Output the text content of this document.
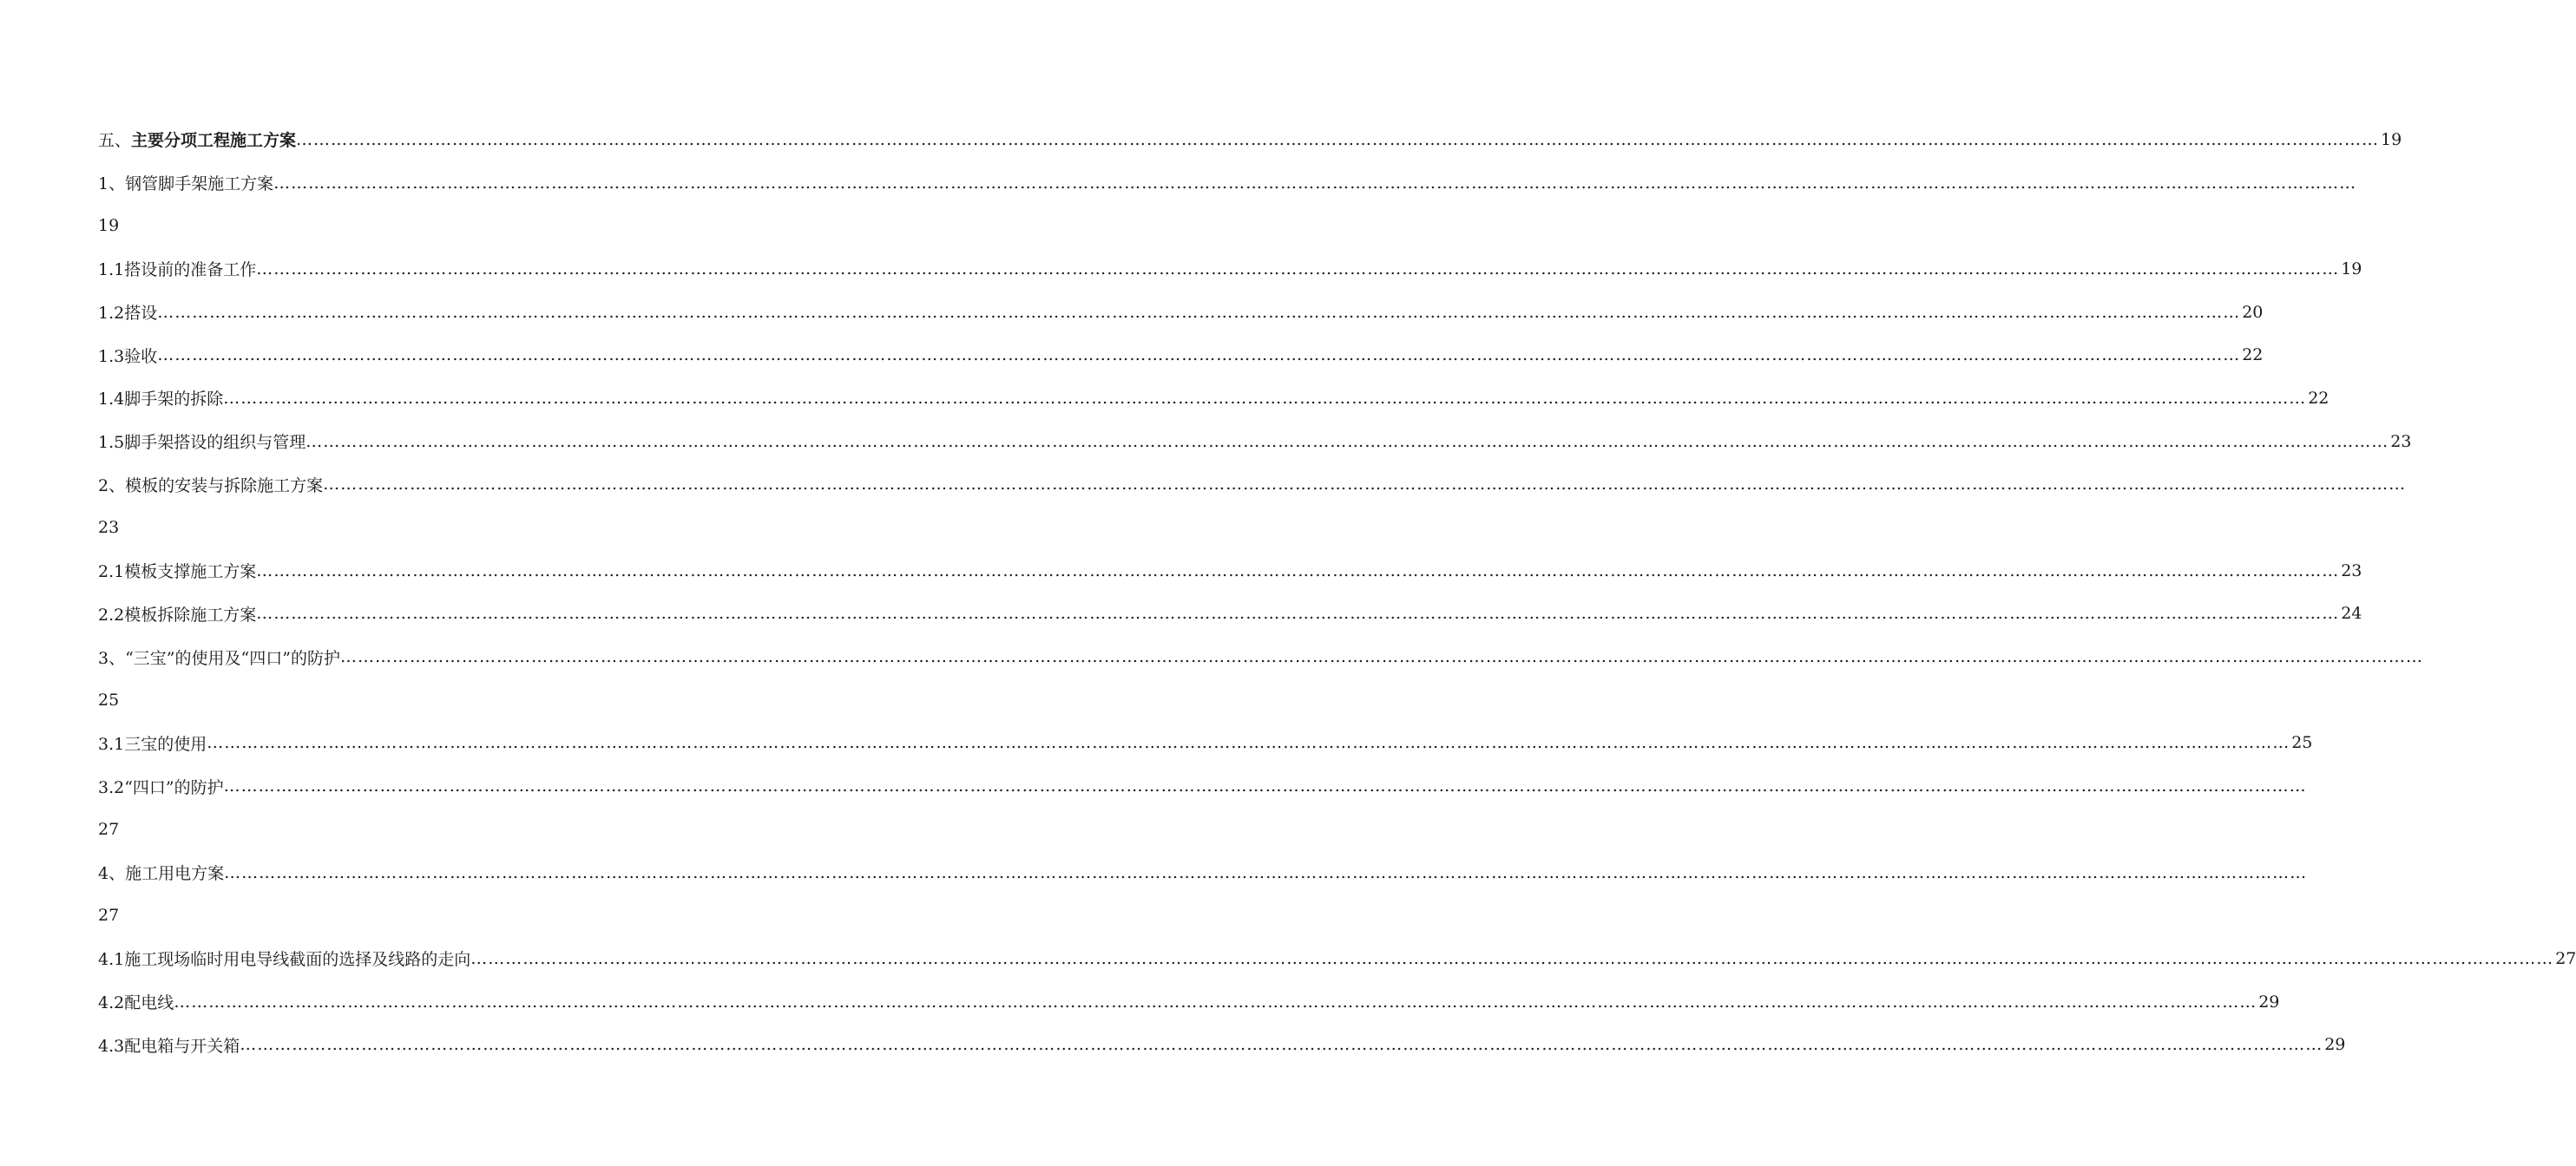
五、主要分项工程施工方案 ……………………………………………………………………………………………………………………………………………………………………………………………………………………………………………………………………………………………………………………………… 19
1、钢管脚手架施工方案 ………………………………………………………………………………………………………………………………………………………………………………………………………………………………………………………………………………………………………………………………
19
1.1搭设前的准备工作 ……………………………………………………………………………………………………………………………………………………………………………………………………………………………………………………………………………………………………………………………… 19
1.2搭设 ……………………………………………………………………………………………………………………………………………………………………………………………………………………………………………………………………………………………………………………………… 20
1.3验收 ……………………………………………………………………………………………………………………………………………………………………………………………………………………………………………………………………………………………………………………………… 22
1.4脚手架的拆除 ……………………………………………………………………………………………………………………………………………………………………………………………………………………………………………………………………………………………………………………………… 22
1.5脚手架搭设的组织与管理 ……………………………………………………………………………………………………………………………………………………………………………………………………………………………………………………………………………………………………………………………… 23
2、模板的安装与拆除施工方案 ………………………………………………………………………………………………………………………………………………………………………………………………………………………………………………………………………………………………………………………………
23
2.1模板支撑施工方案 ……………………………………………………………………………………………………………………………………………………………………………………………………………………………………………………………………………………………………………………………… 23
2.2模板拆除施工方案 ……………………………………………………………………………………………………………………………………………………………………………………………………………………………………………………………………………………………………………………………… 24
3、“三宝”的使用及“四口”的防护 ………………………………………………………………………………………………………………………………………………………………………………………………………………………………………………………………………………………………………………………………
25
3.1三宝的使用 ……………………………………………………………………………………………………………………………………………………………………………………………………………………………………………………………………………………………………………………………… 25
3.2“四口”的防护 ………………………………………………………………………………………………………………………………………………………………………………………………………………………………………………………………………………………………………………………………
27
4、施工用电方案 ………………………………………………………………………………………………………………………………………………………………………………………………………………………………………………………………………………………………………………………………
27
4.1施工现场临时用电导线截面的选择及线路的走向 ……………………………………………………………………………………………………………………………………………………………………………………………………………………………………………………………………………………………………………………………… 27
4.2配电线 ……………………………………………………………………………………………………………………………………………………………………………………………………………………………………………………………………………………………………………………………… 29
4.3配电箱与开关箱 ……………………………………………………………………………………………………………………………………………………………………………………………………………………………………………………………………………………………………………………………… 29
